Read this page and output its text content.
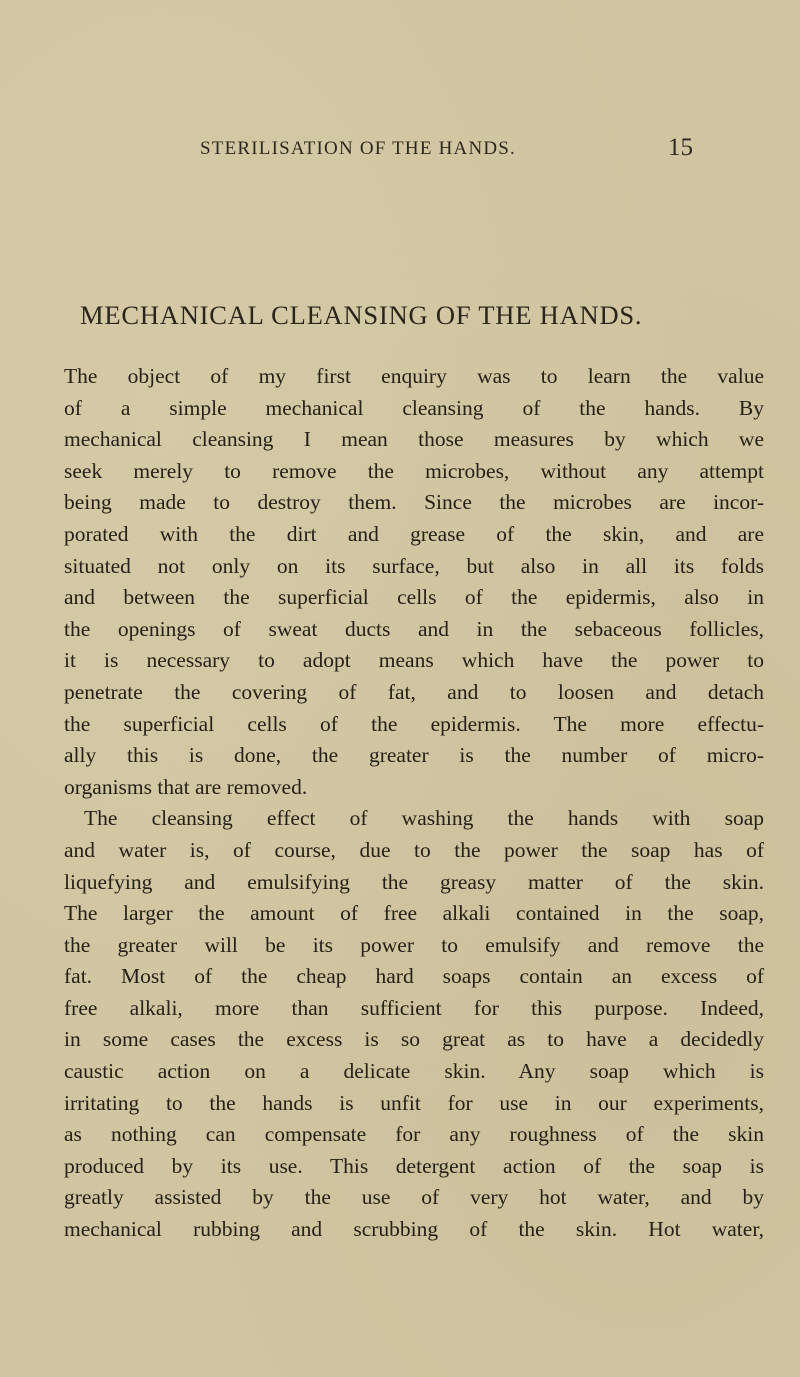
STERILISATION OF THE HANDS.	15
MECHANICAL CLEANSING OF THE HANDS.
The object of my first enquiry was to learn the value
of a simple mechanical cleansing of the hands. By
mechanical cleansing I mean those measures by which we
seek merely to remove the microbes, without any attempt
being made to destroy them. Since the microbes are incor-
porated with the dirt and grease of the skin, and are
situated not only on its surface, but also in all its folds
and between the superficial cells of the epidermis, also in
the openings of sweat ducts and in the sebaceous follicles,
it is necessary to adopt means which have the power to
penetrate the covering of fat, and to loosen and detach
the superficial cells of the epidermis. The more effectu-
ally this is done, the greater is the number of micro-
organisms that are removed.
The cleansing effect of washing the hands with soap
and water is, of course, due to the power the soap has of
liquefying and emulsifying the greasy matter of the skin.
The larger the amount of free alkali contained in the soap,
the greater will be its power to emulsify and remove the
fat. Most of the cheap hard soaps contain an excess of
free alkali, more than sufficient for this purpose. Indeed,
in some cases the excess is so great as to have a decidedly
caustic action on a delicate skin. Any soap which is
irritating to the hands is unfit for use in our experiments,
as nothing can compensate for any roughness of the skin
produced by its use. This detergent action of the soap is
greatly assisted by the use of very hot water, and by
mechanical rubbing and scrubbing of the skin. Hot water,
